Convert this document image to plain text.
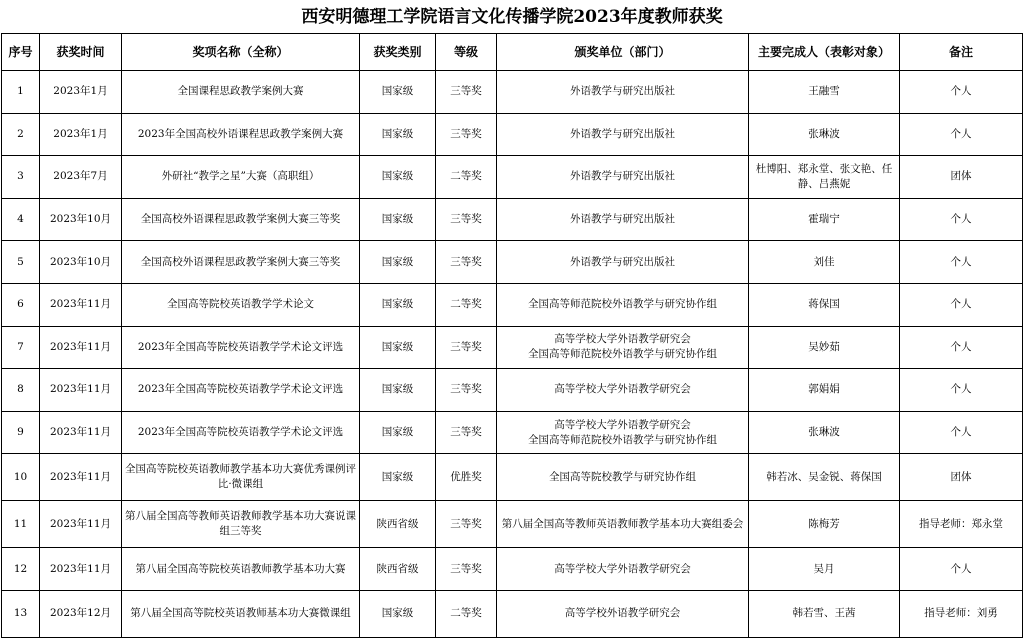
西安明德理工学院语言文化传播学院2023年度教师获奖
序号	获奖时间	奖项名称（全称）	获奖类别	等级	颁奖单位（部门）	主要完成人（表彰对象）	备注
1	2023年1月	全国课程思政教学案例大赛	国家级	三等奖	外语教学与研究出版社	王融雪	个人
2	2023年1月	2023年全国高校外语课程思政教学案例大赛	国家级	三等奖	外语教学与研究出版社	张琳波	个人
3	2023年7月	外研社“教学之星”大赛（高职组）	国家级	二等奖	外语教学与研究出版社	杜博阳、郑永堂、张文艳、任静、吕燕妮	团体
4	2023年10月	全国高校外语课程思政教学案例大赛三等奖	国家级	三等奖	外语教学与研究出版社	霍瑞宁	个人
5	2023年10月	全国高校外语课程思政教学案例大赛三等奖	国家级	三等奖	外语教学与研究出版社	刘佳	个人
6	2023年11月	全国高等院校英语教学学术论文	国家级	二等奖	全国高等师范院校外语教学与研究协作组	蒋保国	个人
7	2023年11月	2023年全国高等院校英语教学学术论文评选	国家级	三等奖	高等学校大学外语教学研究会
全国高等师范院校外语教学与研究协作组	吴妙茹	个人
8	2023年11月	2023年全国高等院校英语教学学术论文评选	国家级	三等奖	高等学校大学外语教学研究会	郭娟娟	个人
9	2023年11月	2023年全国高等院校英语教学学术论文评选	国家级	三等奖	高等学校大学外语教学研究会
全国高等师范院校外语教学与研究协作组	张琳波	个人
10	2023年11月	全国高等院校英语教师教学基本功大赛优秀课例评比·微课组	国家级	优胜奖	全国高等院校教学与研究协作组	韩若冰、吴金锐、蒋保国	团体
11	2023年11月	第八届全国高等教师英语教师教学基本功大赛说课组三等奖	陕西省级	三等奖	第八届全国高等教师英语教师教学基本功大赛组委会	陈梅芳	指导老师：郑永堂
12	2023年11月	第八届全国高等院校英语教师教学基本功大赛	陕西省级	三等奖	高等学校大学外语教学研究会	吴月	个人
13	2023年12月	第八届全国高等院校英语教师基本功大赛微课组	国家级	二等奖	高等学校外语教学研究会	韩若雪、王茜	指导老师：刘勇
